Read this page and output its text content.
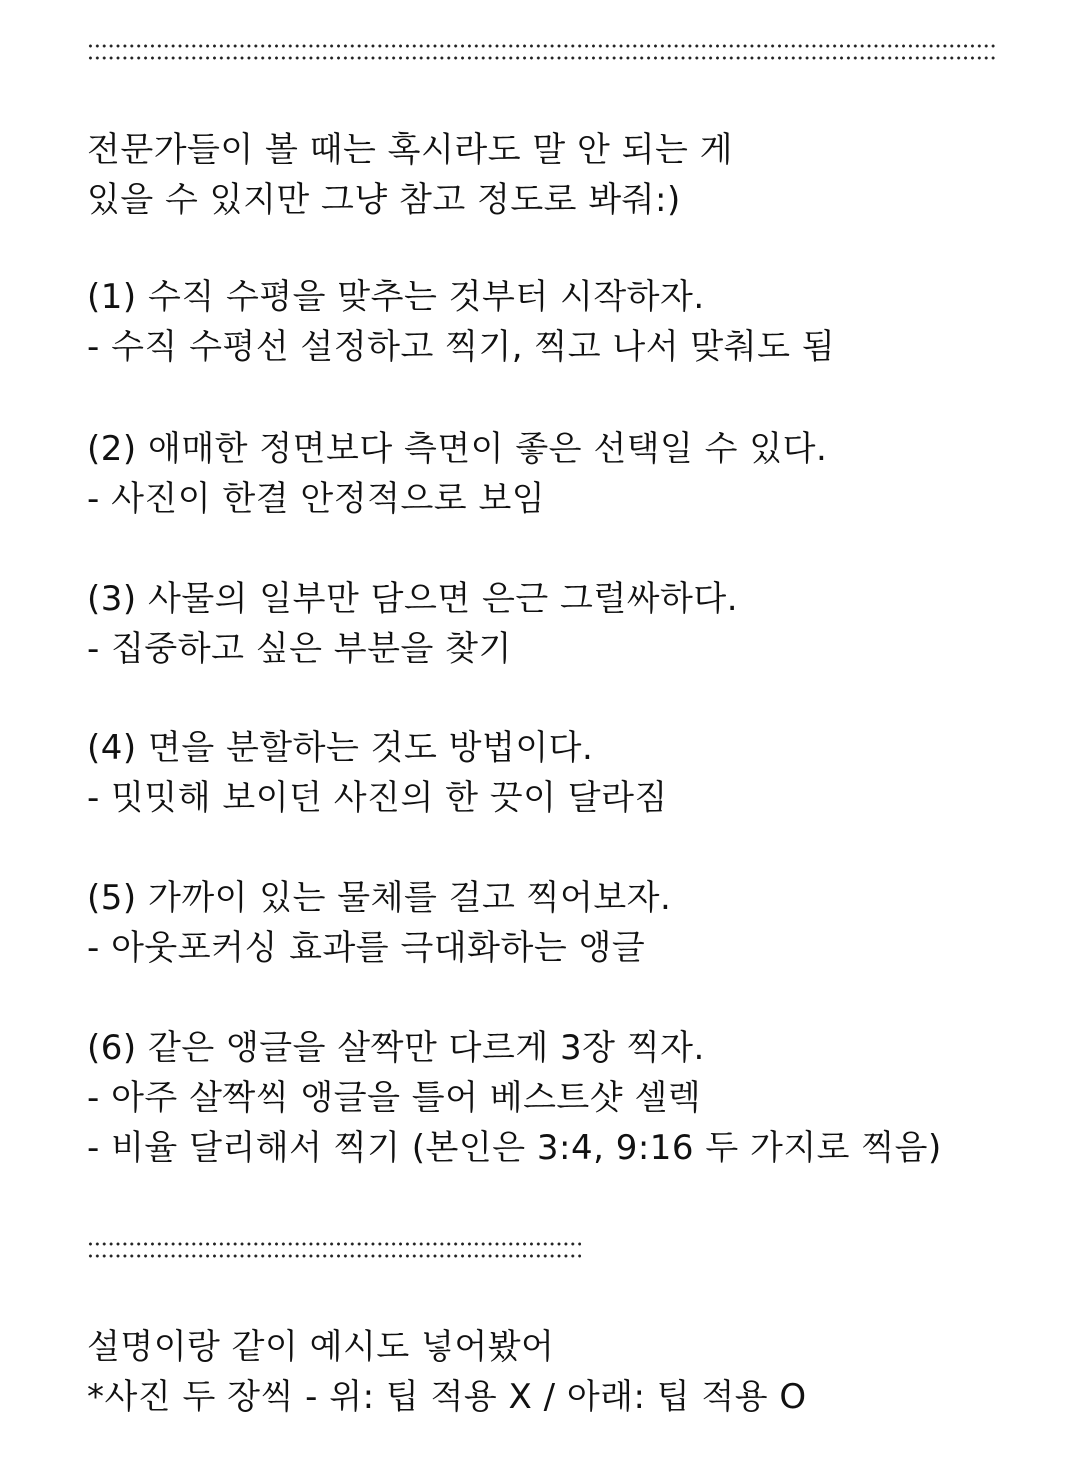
전문가들이 볼 때는 혹시라도 말 안 되는 게
있을 수 있지만 그냥 참고 정도로 봐줘:)
(1) 수직 수평을 맞추는 것부터 시작하자.
- 수직 수평선 설정하고 찍기, 찍고 나서 맞춰도 됨
(2) 애매한 정면보다 측면이 좋은 선택일 수 있다.
- 사진이 한결 안정적으로 보임
(3) 사물의 일부만 담으면 은근 그럴싸하다.
- 집중하고 싶은 부분을 찾기
(4) 면을 분할하는 것도 방법이다.
- 밋밋해 보이던 사진의 한 끗이 달라짐
(5) 가까이 있는 물체를 걸고 찍어보자.
- 아웃포커싱 효과를 극대화하는 앵글
(6) 같은 앵글을 살짝만 다르게 3장 찍자.
- 아주 살짝씩 앵글을 틀어 베스트샷 셀렉
- 비율 달리해서 찍기 (본인은 3:4, 9:16 두 가지로 찍음)
설명이랑 같이 예시도 넣어봤어
*사진 두 장씩 - 위: 팁 적용 X / 아래: 팁 적용 O
